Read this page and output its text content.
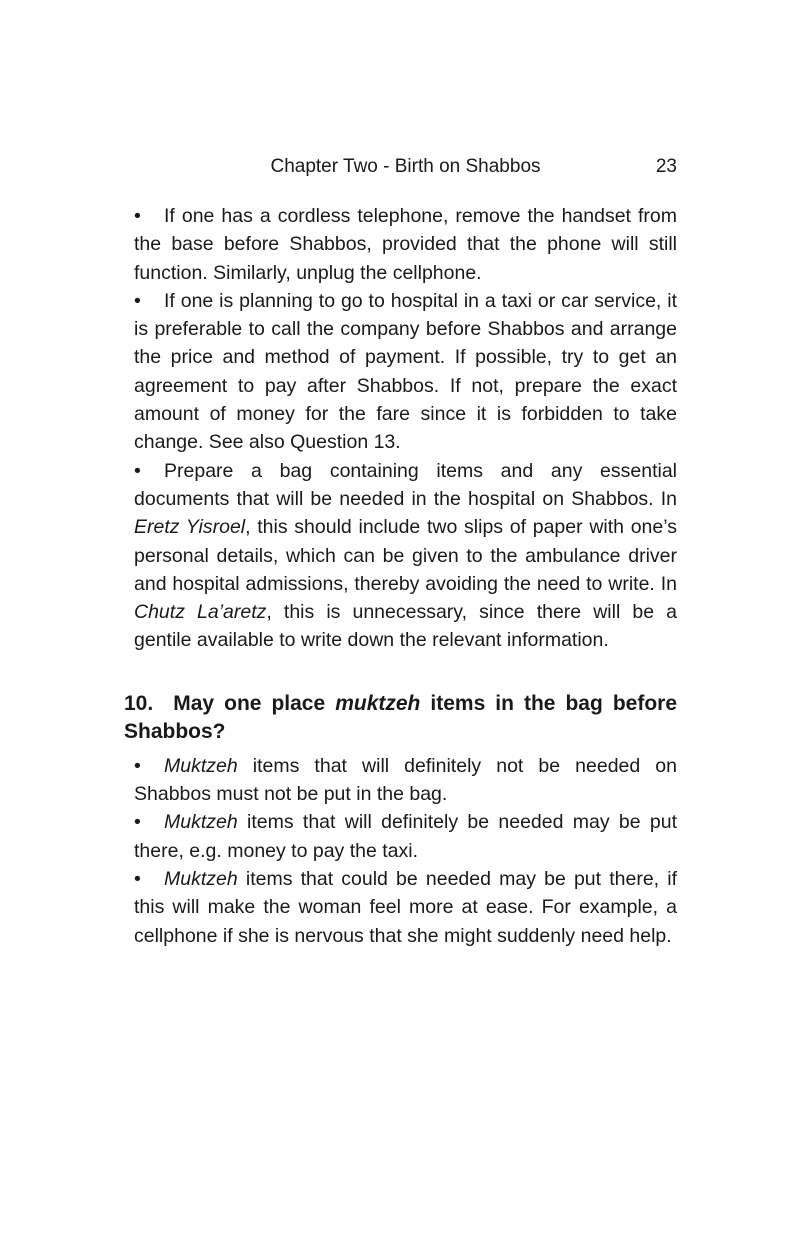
Chapter Two - Birth on Shabbos	23

• If one has a cordless telephone, remove the handset from the base before Shabbos, provided that the phone will still function. Similarly, unplug the cellphone.

• If one is planning to go to hospital in a taxi or car service, it is preferable to call the company before Shabbos and arrange the price and method of payment. If possible, try to get an agreement to pay after Shabbos. If not, prepare the exact amount of money for the fare since it is forbidden to take change. See also Question 13.

• Prepare a bag containing items and any essential documents that will be needed in the hospital on Shabbos. In Eretz Yisroel, this should include two slips of paper with one’s personal details, which can be given to the ambulance driver and hospital admissions, thereby avoiding the need to write. In Chutz La’aretz, this is unnecessary, since there will be a gentile available to write down the relevant information.

10. May one place muktzeh items in the bag before Shabbos?

• Muktzeh items that will definitely not be needed on Shabbos must not be put in the bag.

• Muktzeh items that will definitely be needed may be put there, e.g. money to pay the taxi.

• Muktzeh items that could be needed may be put there, if this will make the woman feel more at ease. For example, a cellphone if she is nervous that she might suddenly need help.
